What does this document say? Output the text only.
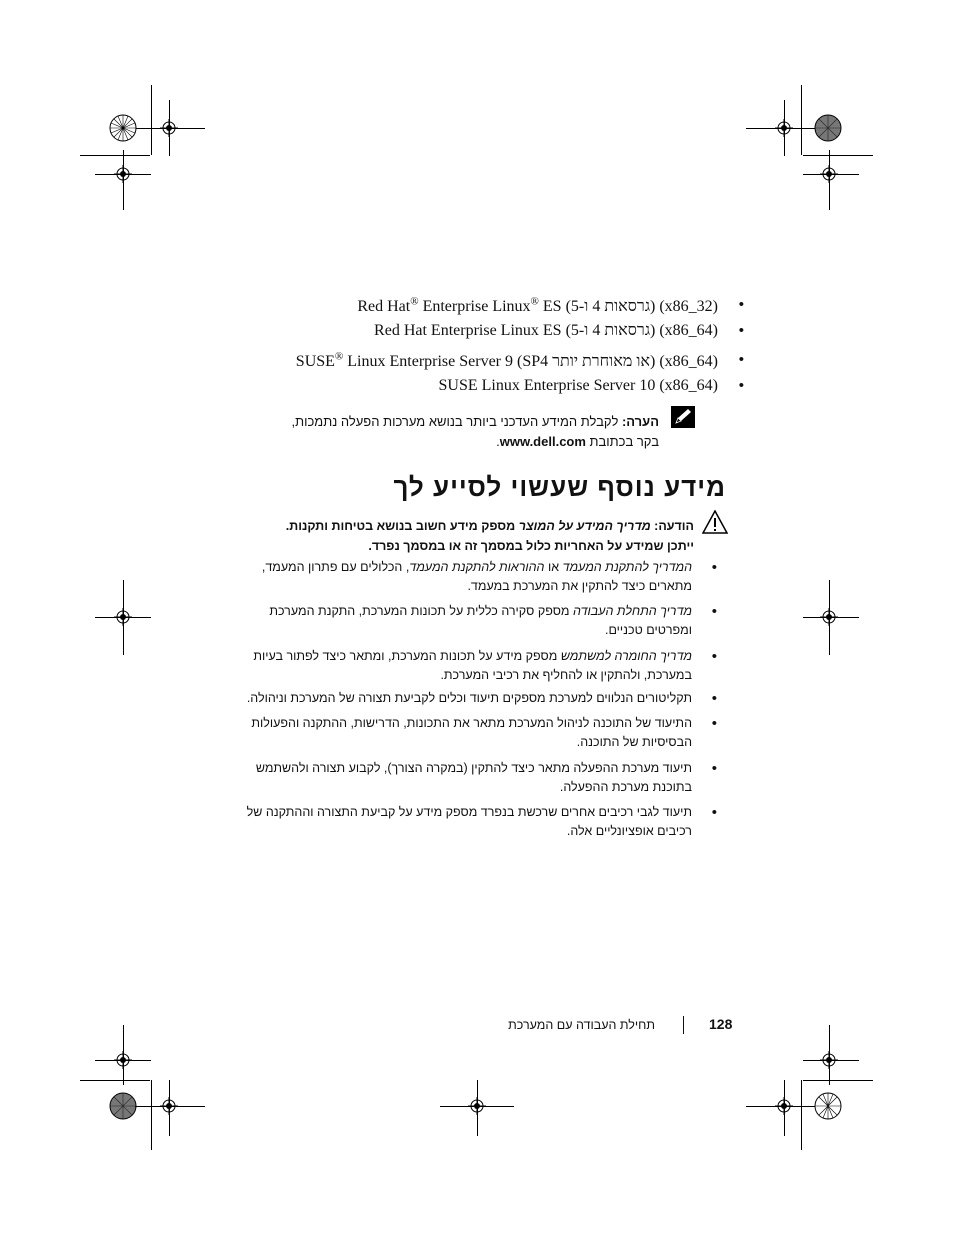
•
Red Hat® Enterprise Linux® ES (גרסאות 4 ו-5) (x86_32)
•
Red Hat Enterprise Linux ES (גרסאות 4 ו-5) (x86_64)
•
SUSE® Linux Enterprise Server 9 (SP4 או מאוחרת יותר) (x86_64)
•
SUSE Linux Enterprise Server 10 (x86_64)
הערה: לקבלת המידע העדכני ביותר בנושא מערכות הפעלה נתמכות,
בקר בכתובת www.dell.com.
מידע נוסף שעשוי לסייע לך
הודעה: מדריך המידע על המוצר מספק מידע חשוב בנושא בטיחות ותקנות.
ייתכן שמידע על האחריות כלול במסמך זה או במסמך נפרד.
•
המדריך להתקנת המעמד או ההוראות להתקנת המעמד, הכלולים עם פתרון המעמד, מתארים כיצד להתקין את המערכת במעמד.
•
מדריך התחלת העבודה מספק סקירה כללית על תכונות המערכת, התקנת המערכת ומפרטים טכניים.
•
מדריך החומרה למשתמש מספק מידע על תכונות המערכת, ומתאר כיצד לפתור בעיות במערכת, ולהתקין או להחליף את רכיבי המערכת.
•
תקליטורים הנלווים למערכת מספקים תיעוד וכלים לקביעת תצורה של המערכת וניהולה.
•
התיעוד של התוכנה לניהול המערכת מתאר את התכונות, הדרישות, ההתקנה והפעולות הבסיסיות של התוכנה.
•
תיעוד מערכת ההפעלה מתאר כיצד להתקין (במקרה הצורך), לקבוע תצורה ולהשתמש בתוכנת מערכת ההפעלה.
•
תיעוד לגבי רכיבים אחרים שרכשת בנפרד מספק מידע על קביעת התצורה וההתקנה של רכיבים אופציונליים אלה.
128
תחילת העבודה עם המערכת
